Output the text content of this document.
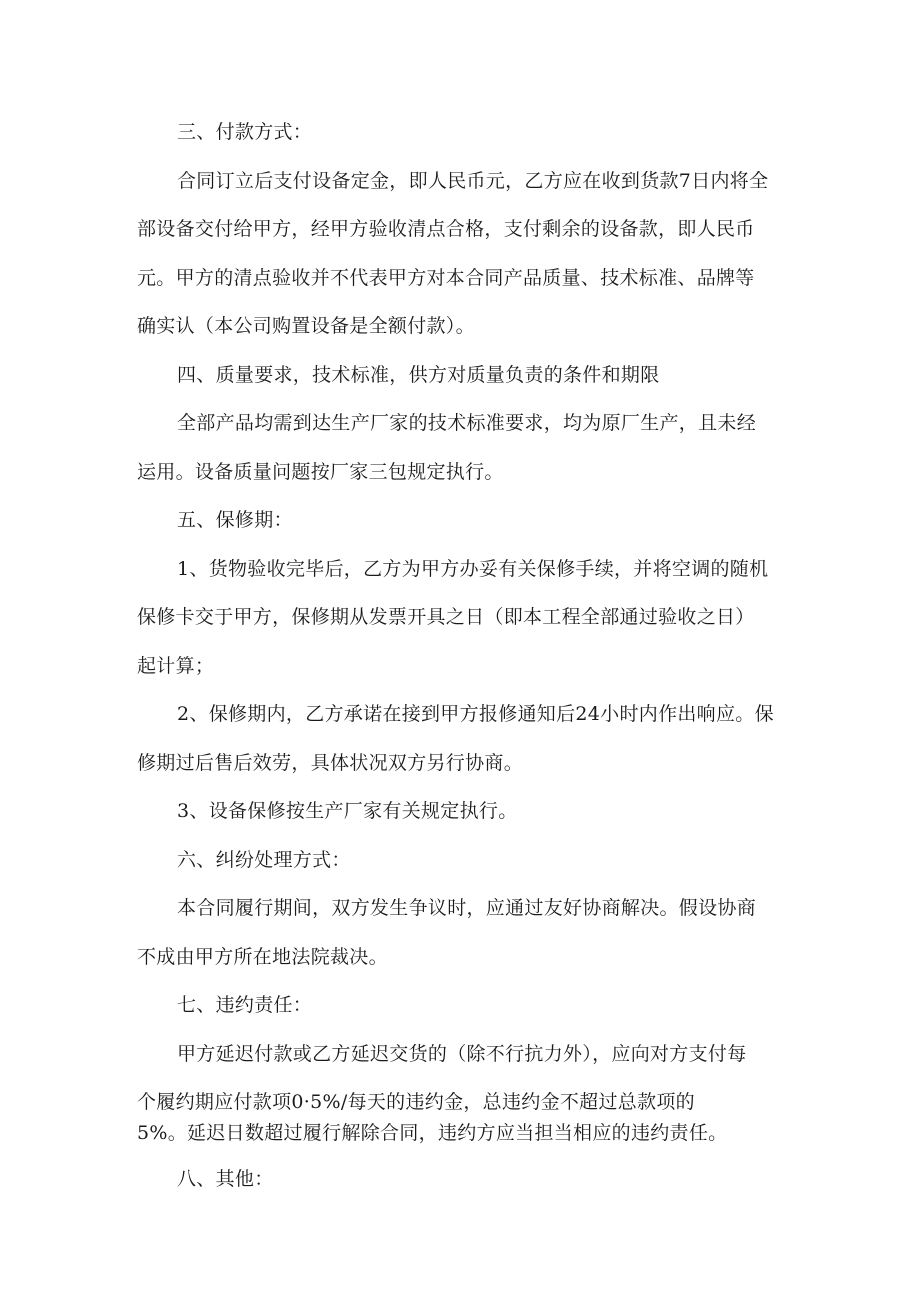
三、付款方式：

合同订立后支付设备定金，即人民币元，乙方应在收到货款7日内将全

部设备交付给甲方，经甲方验收清点合格，支付剩余的设备款，即人民币

元。甲方的清点验收并不代表甲方对本合同产品质量、技术标准、品牌等

确实认（本公司购置设备是全额付款）。

四、质量要求，技术标准，供方对质量负责的条件和期限

全部产品均需到达生产厂家的技术标准要求，均为原厂生产，且未经

运用。设备质量问题按厂家三包规定执行。

五、保修期：

1、货物验收完毕后，乙方为甲方办妥有关保修手续，并将空调的随机

保修卡交于甲方，保修期从发票开具之日（即本工程全部通过验收之日）

起计算；

2、保修期内，乙方承诺在接到甲方报修通知后24小时内作出响应。保

修期过后售后效劳，具体状况双方另行协商。

3、设备保修按生产厂家有关规定执行。

六、纠纷处理方式：

本合同履行期间，双方发生争议时，应通过友好协商解决。假设协商

不成由甲方所在地法院裁决。

七、违约责任：

甲方延迟付款或乙方延迟交货的（除不行抗力外），应向对方支付每

个履约期应付款项0·5%/每天的违约金，总违约金不超过总款项的

5%。延迟日数超过履行解除合同，违约方应当担当相应的违约责任。

八、其他：
